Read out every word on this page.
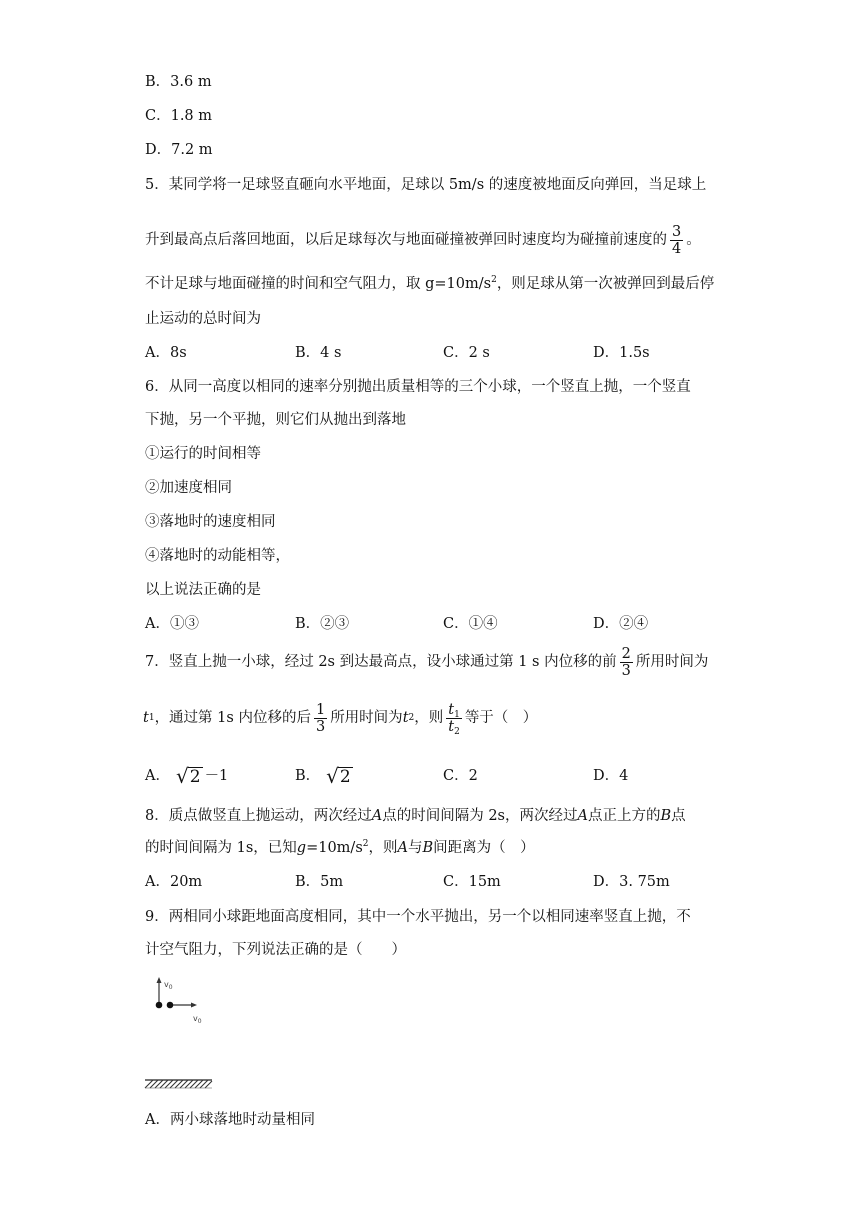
B．3.6 m
C．1.8 m
D．7.2 m
5．某同学将一足球竖直砸向水平地面，足球以 5m/s 的速度被地面反向弹回，当足球上
升到最高点后落回地面，以后足球每次与地面碰撞被弹回时速度均为碰撞前速度的 $\frac{3}{4}$ 。
不计足球与地面碰撞的时间和空气阻力，取 $g=10m/s^2$，则足球从第一次被弹回到最后停
止运动的总时间为
A．8s	B．4 s	C．2 s	D．1.5s
6．从同一高度以相同的速率分别抛出质量相等的三个小球，一个竖直上抛，一个竖直
下抛，另一个平抛，则它们从抛出到落地
①运行的时间相等
②加速度相同
③落地时的速度相同
④落地时的动能相等，
以上说法正确的是
A．①③	B．②③	C．①④	D．②④
7．竖直上抛一小球，经过 2s 到达最高点，设小球通过第 1 s 内位移的前 $\frac{2}{3}$ 所用时间为
t 1 ，通过第 1s 内位移的后 $\frac{1}{3}$ 所用时间为 t 2 ，则 $\frac{t_1}{t_2}$ 等于（　）
A． √ 2 －1	B． √ 2	C．2	D．4
8．质点做竖直上抛运动，两次经过A点的时间间隔为 2s，两次经过A点正上方的B点
的时间间隔为 1s，已知$g=10m/s^2$，则A与B间距离为（　）
A．20m	B．5m	C．15m	D．3. 75m
9．两相同小球距地面高度相同，其中一个水平抛出，另一个以相同速率竖直上抛，不
计空气阻力，下列说法正确的是（　　）
$v_0$
$v_0$
A．两小球落地时动量相同
